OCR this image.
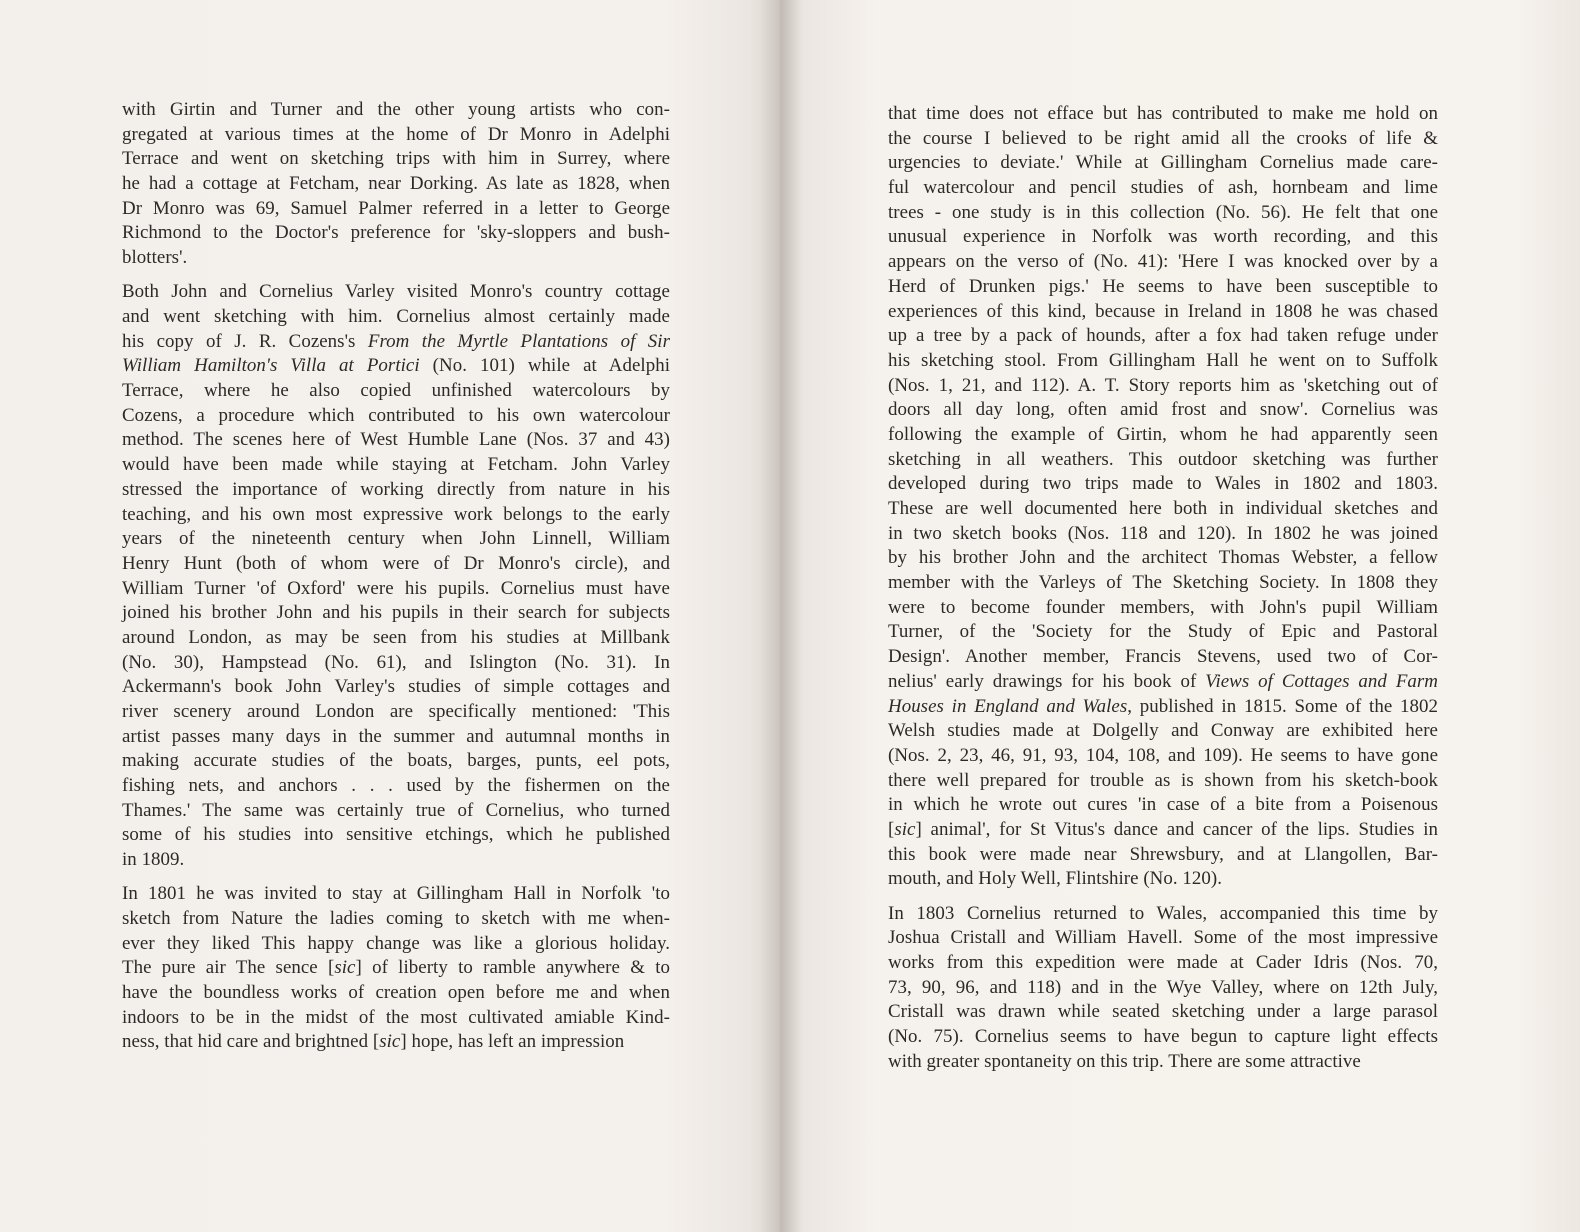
with Girtin and Turner and the other young artists who con-
gregated at various times at the home of Dr Monro in Adelphi
Terrace and went on sketching trips with him in Surrey, where
he had a cottage at Fetcham, near Dorking. As late as 1828, when
Dr Monro was 69, Samuel Palmer referred in a letter to George
Richmond to the Doctor's preference for 'sky-sloppers and bush-
blotters'.
Both John and Cornelius Varley visited Monro's country cottage
and went sketching with him. Cornelius almost certainly made
his copy of J. R. Cozens's From the Myrtle Plantations of Sir
William Hamilton's Villa at Portici (No. 101) while at Adelphi
Terrace, where he also copied unfinished watercolours by
Cozens, a procedure which contributed to his own watercolour
method. The scenes here of West Humble Lane (Nos. 37 and 43)
would have been made while staying at Fetcham. John Varley
stressed the importance of working directly from nature in his
teaching, and his own most expressive work belongs to the early
years of the nineteenth century when John Linnell, William
Henry Hunt (both of whom were of Dr Monro's circle), and
William Turner 'of Oxford' were his pupils. Cornelius must have
joined his brother John and his pupils in their search for subjects
around London, as may be seen from his studies at Millbank
(No. 30), Hampstead (No. 61), and Islington (No. 31). In
Ackermann's book John Varley's studies of simple cottages and
river scenery around London are specifically mentioned: 'This
artist passes many days in the summer and autumnal months in
making accurate studies of the boats, barges, punts, eel pots,
fishing nets, and anchors . . . used by the fishermen on the
Thames.' The same was certainly true of Cornelius, who turned
some of his studies into sensitive etchings, which he published
in 1809.
In 1801 he was invited to stay at Gillingham Hall in Norfolk 'to
sketch from Nature the ladies coming to sketch with me when-
ever they liked This happy change was like a glorious holiday.
The pure air The sence [sic] of liberty to ramble anywhere & to
have the boundless works of creation open before me and when
indoors to be in the midst of the most cultivated amiable Kind-
ness, that hid care and brightned [sic] hope, has left an impression
that time does not efface but has contributed to make me hold on
the course I believed to be right amid all the crooks of life &
urgencies to deviate.' While at Gillingham Cornelius made care-
ful watercolour and pencil studies of ash, hornbeam and lime
trees - one study is in this collection (No. 56). He felt that one
unusual experience in Norfolk was worth recording, and this
appears on the verso of (No. 41): 'Here I was knocked over by a
Herd of Drunken pigs.' He seems to have been susceptible to
experiences of this kind, because in Ireland in 1808 he was chased
up a tree by a pack of hounds, after a fox had taken refuge under
his sketching stool. From Gillingham Hall he went on to Suffolk
(Nos. 1, 21, and 112). A. T. Story reports him as 'sketching out of
doors all day long, often amid frost and snow'. Cornelius was
following the example of Girtin, whom he had apparently seen
sketching in all weathers. This outdoor sketching was further
developed during two trips made to Wales in 1802 and 1803.
These are well documented here both in individual sketches and
in two sketch books (Nos. 118 and 120). In 1802 he was joined
by his brother John and the architect Thomas Webster, a fellow
member with the Varleys of The Sketching Society. In 1808 they
were to become founder members, with John's pupil William
Turner, of the 'Society for the Study of Epic and Pastoral
Design'. Another member, Francis Stevens, used two of Cor-
nelius' early drawings for his book of Views of Cottages and Farm
Houses in England and Wales, published in 1815. Some of the 1802
Welsh studies made at Dolgelly and Conway are exhibited here
(Nos. 2, 23, 46, 91, 93, 104, 108, and 109). He seems to have gone
there well prepared for trouble as is shown from his sketch-book
in which he wrote out cures 'in case of a bite from a Poisenous
[sic] animal', for St Vitus's dance and cancer of the lips. Studies in
this book were made near Shrewsbury, and at Llangollen, Bar-
mouth, and Holy Well, Flintshire (No. 120).
In 1803 Cornelius returned to Wales, accompanied this time by
Joshua Cristall and William Havell. Some of the most impressive
works from this expedition were made at Cader Idris (Nos. 70,
73, 90, 96, and 118) and in the Wye Valley, where on 12th July,
Cristall was drawn while seated sketching under a large parasol
(No. 75). Cornelius seems to have begun to capture light effects
with greater spontaneity on this trip. There are some attractive
